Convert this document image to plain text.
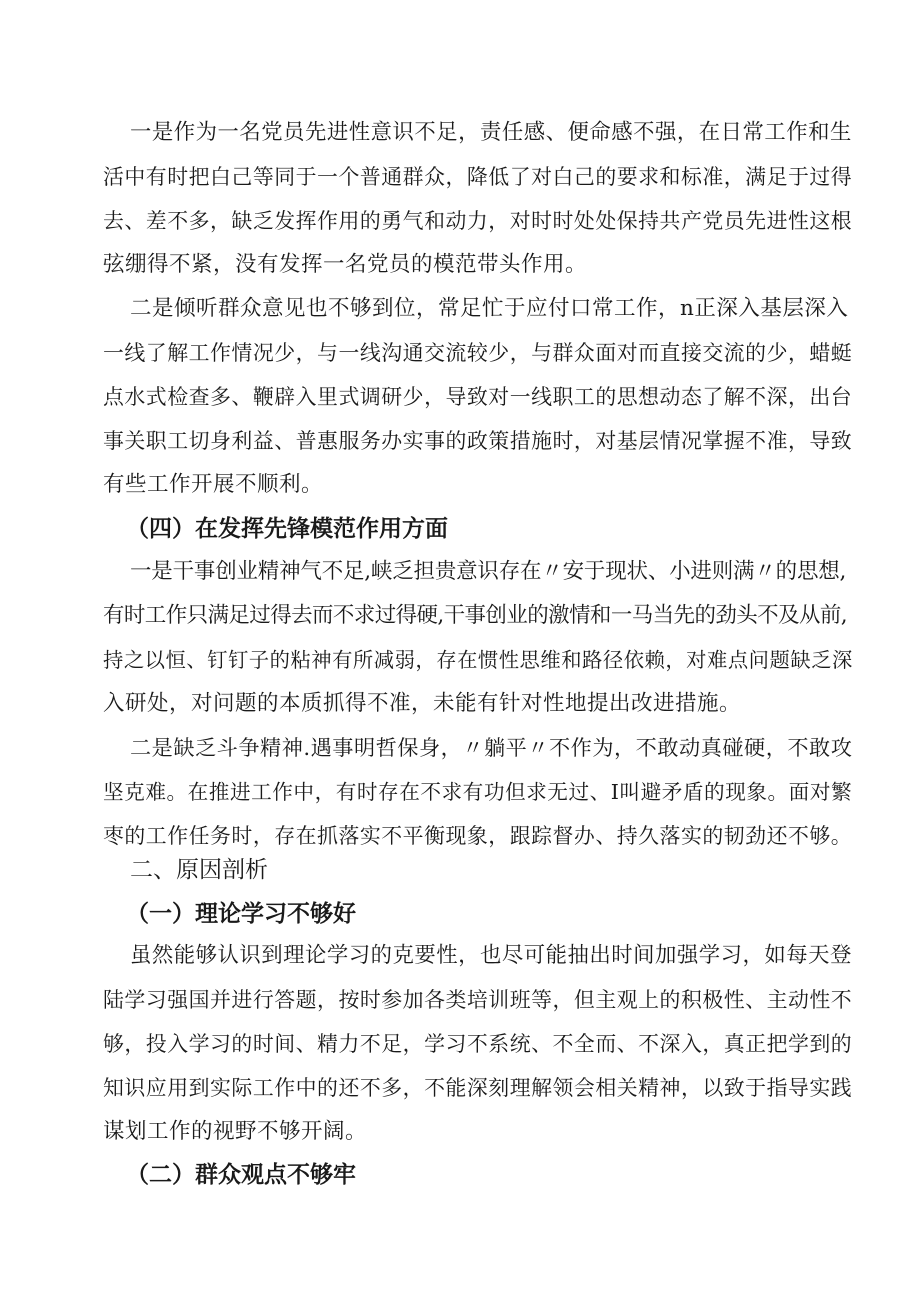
一是作为一名党员先进性意识不足，责任感、便命感不强，在日常工作和生
活中有时把白己等同于一个普通群众，降低了对白己的要求和标准，满足于过得
去、差不多，缺乏发挥作用的勇气和动力，对时时处处保持共产党员先进性这根
弦绷得不紧，没有发挥一名党员的模范带头作用。
二是倾听群众意见也不够到位，常足忙于应付口常工作，n正深入基层深入
一线了解工作情况少，与一线沟通交流较少，与群众面对而直接交流的少，蜡蜓
点水式检查多、鞭辟入里式调研少，导致对一线职工的思想动态了解不深，出台
事关职工切身利益、普惠服务办实事的政策措施时，对基层情况掌握不准，导致
有些工作开展不顺利。
（四）在发挥先锋模范作用方面
一是干事创业精神气不足,峡乏担贵意识存在〃安于现状、小进则满〃的思想,
有时工作只满足过得去而不求过得硬,干事创业的激情和一马当先的劲头不及从前,
持之以恒、钉钉子的粘神有所减弱，存在惯性思维和路径依赖，对难点问题缺乏深
入研处，对问题的本质抓得不准，未能有针对性地提出改进措施。
二是缺乏斗争精神.遇事明哲保身，〃躺平〃不作为，不敢动真碰硬，不敢攻
坚克难。在推进工作中，有时存在不求有功但求无过、I叫避矛盾的现象。面对繁
枣的工作任务时，存在抓落实不平衡现象，跟踪督办、持久落实的韧劲还不够。
二、原因剖析
（一）理论学习不够好
虽然能够认识到理论学习的克要性，也尽可能抽出时间加强学习，如每天登
陆学习强国并进行答题，按时参加各类培训班等，但主观上的积极性、主动性不
够，投入学习的时间、精力不足，学习不系统、不全而、不深入，真正把学到的
知识应用到实际工作中的还不多，不能深刻理解领会相关精神，以致于指导实践
谋划工作的视野不够开阔。
（二）群众观点不够牢
